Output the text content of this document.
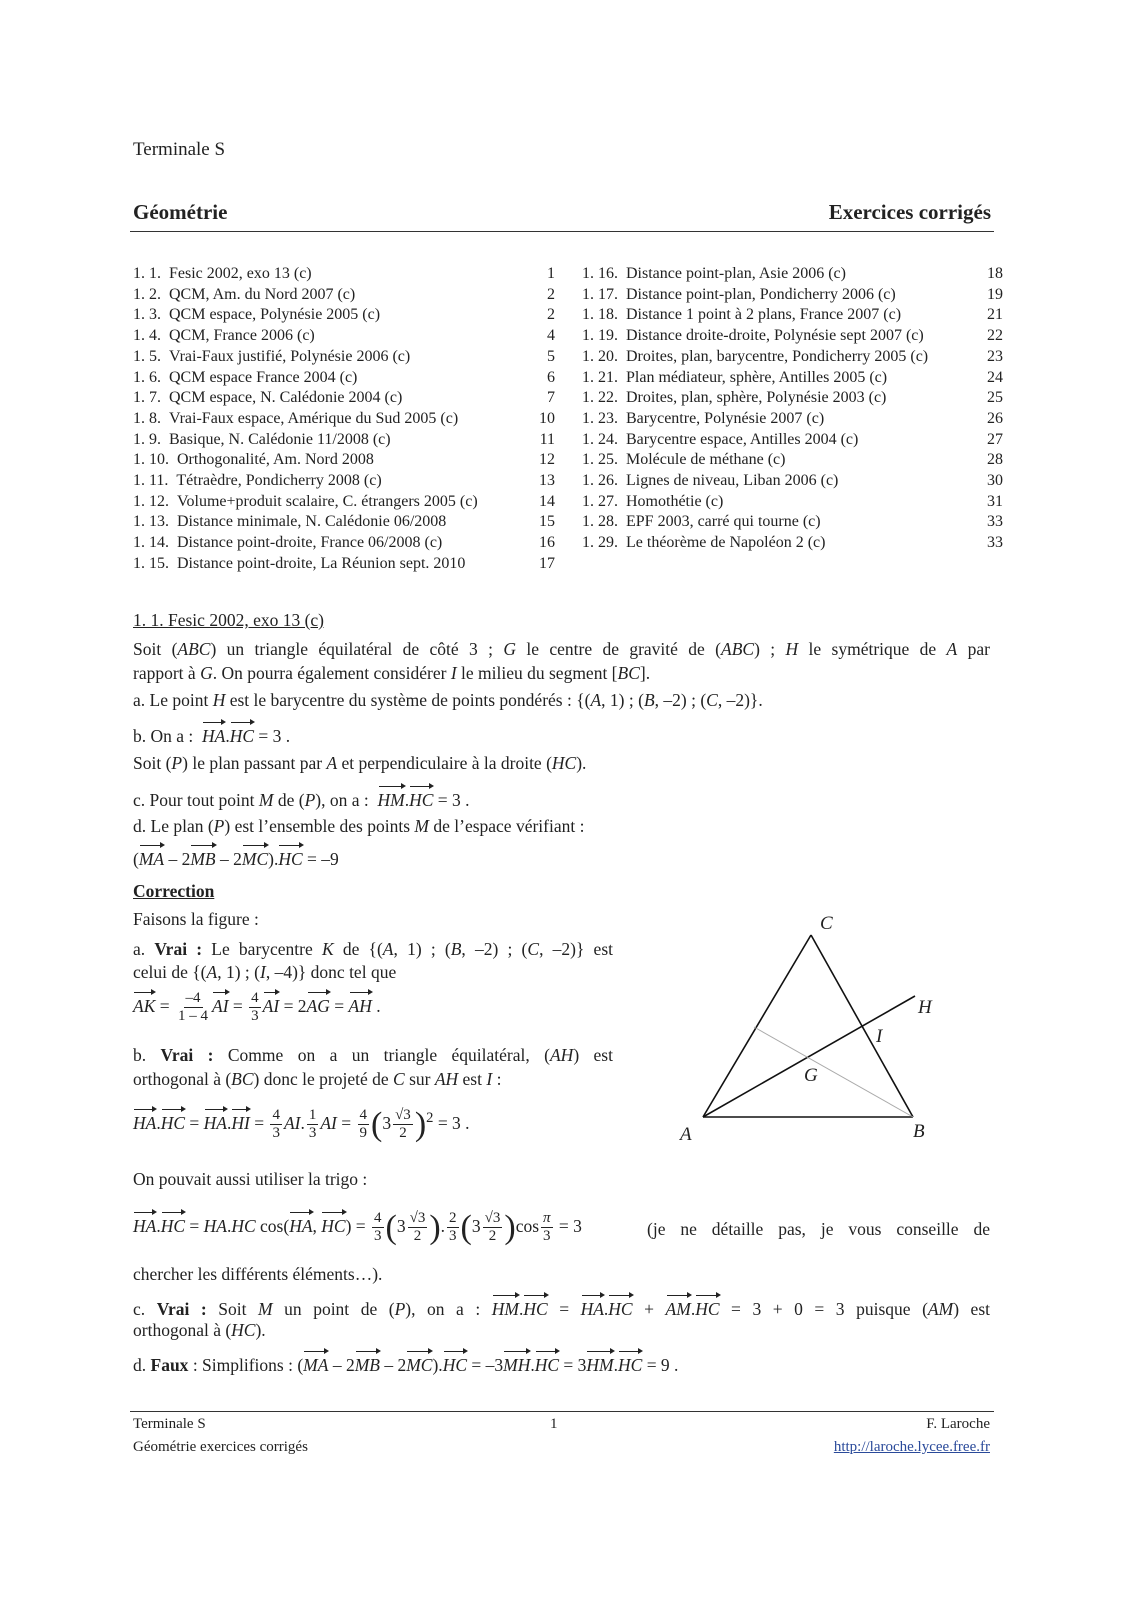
Terminale S
Géométrie	Exercices corrigés
1. 1.  Fesic 2002, exo 13 (c)	1
1. 2.  QCM, Am. du Nord 2007 (c)	2
1. 3.  QCM espace, Polynésie 2005 (c)	2
1. 4.  QCM, France 2006 (c)	4
1. 5.  Vrai-Faux justifié, Polynésie 2006 (c)	5
1. 6.  QCM espace France 2004 (c)	6
1. 7.  QCM espace, N. Calédonie 2004 (c)	7
1. 8.  Vrai-Faux espace, Amérique du Sud 2005 (c)	10
1. 9.  Basique, N. Calédonie 11/2008 (c)	11
1. 10.  Orthogonalité, Am. Nord 2008	12
1. 11.  Tétraèdre, Pondicherry 2008 (c)	13
1. 12.  Volume+produit scalaire, C. étrangers 2005 (c)	14
1. 13.  Distance minimale, N. Calédonie 06/2008	15
1. 14.  Distance point-droite, France 06/2008 (c)	16
1. 15.  Distance point-droite, La Réunion sept. 2010	17
1. 16.  Distance point-plan, Asie 2006 (c)	18
1. 17.  Distance point-plan, Pondicherry 2006 (c)	19
1. 18.  Distance 1 point à 2 plans, France 2007 (c)	21
1. 19.  Distance droite-droite, Polynésie sept 2007 (c)	22
1. 20.  Droites, plan, barycentre, Pondicherry 2005 (c)	23
1. 21.  Plan médiateur, sphère, Antilles 2005 (c)	24
1. 22.  Droites, plan, sphère, Polynésie 2003 (c)	25
1. 23.  Barycentre, Polynésie 2007 (c)	26
1. 24.  Barycentre espace, Antilles 2004 (c)	27
1. 25.  Molécule de méthane (c)	28
1. 26.  Lignes de niveau, Liban 2006 (c)	30
1. 27.  Homothétie (c)	31
1. 28.  EPF 2003, carré qui tourne (c)	33
1. 29.  Le théorème de Napoléon 2 (c)	33
1. 1. Fesic 2002, exo 13 (c)
Soit (ABC) un triangle équilatéral de côté 3 ; G le centre de gravité de (ABC) ; H le symétrique de A par
rapport à G. On pourra également considérer I le milieu du segment [BC].
a. Le point H est le barycentre du système de points pondérés : {(A, 1) ; (B, –2) ; (C, –2)}.
b. On a :  HA.HC = 3 .
Soit (P) le plan passant par A et perpendiculaire à la droite (HC).
c. Pour tout point M de (P), on a :  HM.HC = 3 .
d. Le plan (P) est l’ensemble des points M de l’espace vérifiant :
(MA – 2MB – 2MC).HC = –9
Correction
Faisons la figure :
a. Vrai : Le barycentre K de {(A, 1) ; (B, –2) ; (C, –2)} est
celui de {(A, 1) ; (I, –4)} donc tel que
AK = $\frac{-4}{1 - 4}$ AI = $\frac{4}{3}$ AI = 2AG = AH .
b. Vrai : Comme on a un triangle équilatéral, (AH) est
orthogonal à (BC) donc le projeté de C sur AH est I :
$HA.HC = HA.HI = \frac{4}{3}$ AI. $\frac{1}{3}$ AI = $\frac{4}{9} (3 \frac{√3}{2} )^2 = 3$ .
On pouvait aussi utiliser la trigo :
HA.HC = HA.HC cos(HA, $HC) = \frac{4}{3} (3 \frac{√3}{2}$ ). $\frac{2}{3} (3 \frac{√3}{2} )\cos \frac{\pi}{3} = 3$	(je ne détaille pas, je vous conseille de
chercher les différents éléments…).
c. Vrai : Soit M un point de (P), on a : HM.HC = HA.HC + AM.HC = 3 + 0 = 3 puisque (AM) est
orthogonal à (HC).
d. Faux : Simplifions : (MA – 2MB – 2MC).HC = –3MH.HC = 3HM.HC = 9 .
A	B
C
G
H
I
Terminale S
Géométrie exercices corrigés
1	F. Laroche
http://laroche.lycee.free.fr
